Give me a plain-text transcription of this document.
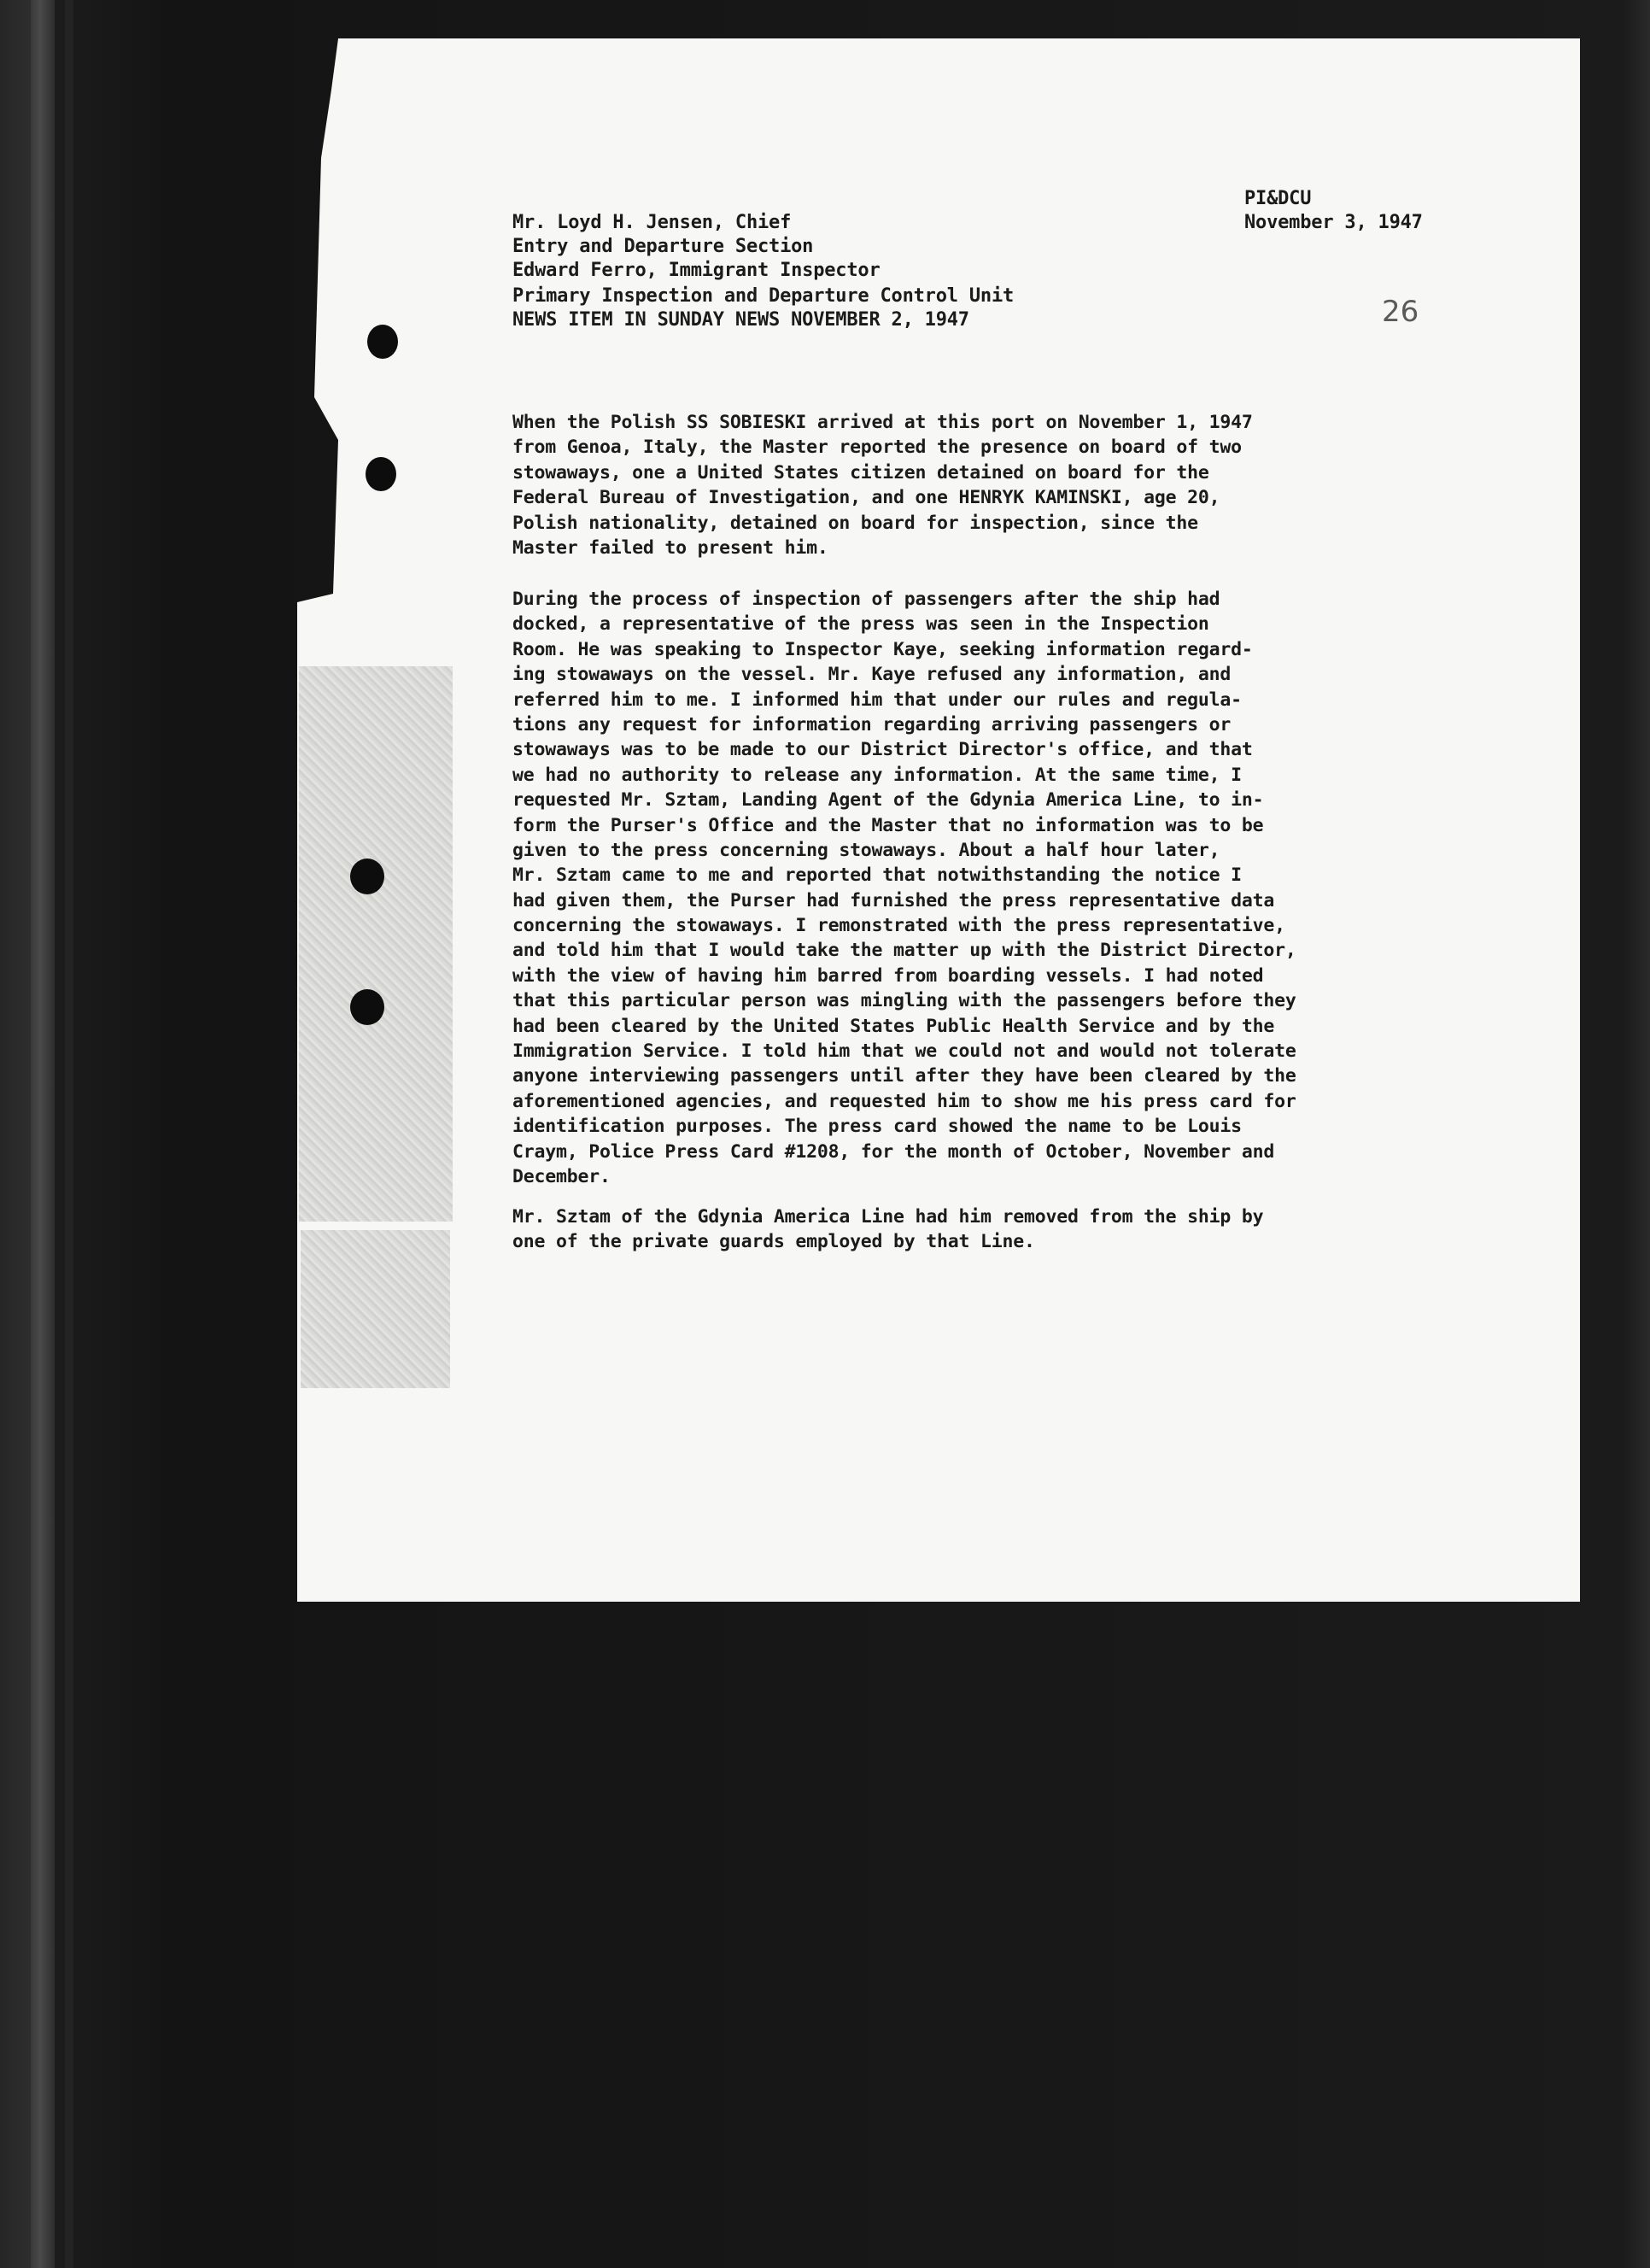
PI&DCU
November 3, 1947
26
Mr. Loyd H. Jensen, Chief
Entry and Departure Section
Edward Ferro, Immigrant Inspector
Primary Inspection and Departure Control Unit
NEWS ITEM IN SUNDAY NEWS NOVEMBER 2, 1947
When the Polish SS SOBIESKI arrived at this port on November 1, 1947
from Genoa, Italy, the Master reported the presence on board of two
stowaways, one a United States citizen detained on board for the
Federal Bureau of Investigation, and one HENRYK KAMINSKI, age 20,
Polish nationality, detained on board for inspection, since the
Master failed to present him.
During the process of inspection of passengers after the ship had
docked, a representative of the press was seen in the Inspection
Room. He was speaking to Inspector Kaye, seeking information regard-
ing stowaways on the vessel. Mr. Kaye refused any information, and
referred him to me. I informed him that under our rules and regula-
tions any request for information regarding arriving passengers or
stowaways was to be made to our District Director's office, and that
we had no authority to release any information. At the same time, I
requested Mr. Sztam, Landing Agent of the Gdynia America Line, to in-
form the Purser's Office and the Master that no information was to be
given to the press concerning stowaways. About a half hour later,
Mr. Sztam came to me and reported that notwithstanding the notice I
had given them, the Purser had furnished the press representative data
concerning the stowaways. I remonstrated with the press representative,
and told him that I would take the matter up with the District Director,
with the view of having him barred from boarding vessels. I had noted
that this particular person was mingling with the passengers before they
had been cleared by the United States Public Health Service and by the
Immigration Service. I told him that we could not and would not tolerate
anyone interviewing passengers until after they have been cleared by the
aforementioned agencies, and requested him to show me his press card for
identification purposes. The press card showed the name to be Louis
Craym, Police Press Card #1208, for the month of October, November and
December.
Mr. Sztam of the Gdynia America Line had him removed from the ship by
one of the private guards employed by that Line.
